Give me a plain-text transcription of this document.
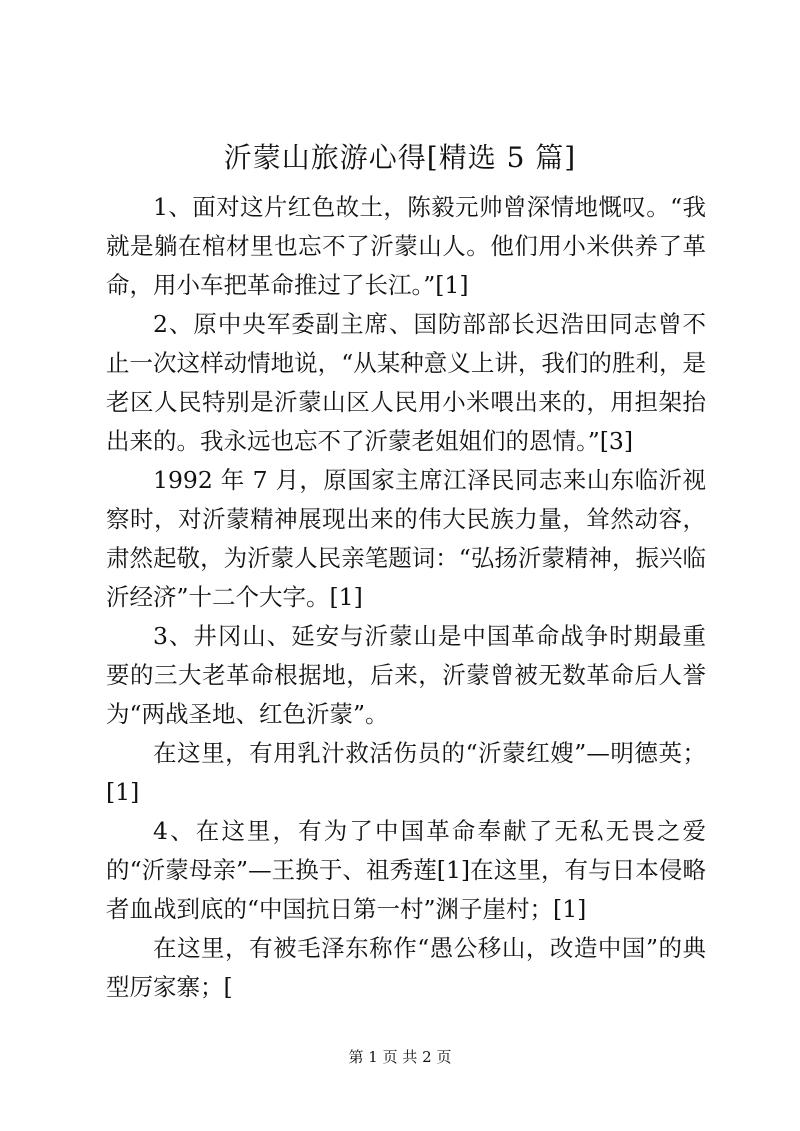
沂蒙山旅游心得[精选 5 篇]

1、面对这片红色故土，陈毅元帅曾深情地慨叹。“我就是躺在棺材里也忘不了沂蒙山人。他们用小米供养了革命，用小车把革命推过了长江。”[1]

2、原中央军委副主席、国防部部长迟浩田同志曾不止一次这样动情地说，“从某种意义上讲，我们的胜利，是老区人民特别是沂蒙山区人民用小米喂出来的，用担架抬出来的。我永远也忘不了沂蒙老姐姐们的恩情。”[3]

1992 年 7 月，原国家主席江泽民同志来山东临沂视察时，对沂蒙精神展现出来的伟大民族力量，耸然动容，肃然起敬，为沂蒙人民亲笔题词：“弘扬沂蒙精神，振兴临沂经济”十二个大字。[1]

3、井冈山、延安与沂蒙山是中国革命战争时期最重要的三大老革命根据地，后来，沂蒙曾被无数革命后人誉为“两战圣地、红色沂蒙”。

在这里，有用乳汁救活伤员的“沂蒙红嫂”—明德英；[1]

4、在这里，有为了中国革命奉献了无私无畏之爱的“沂蒙母亲”—王换于、祖秀莲[1]在这里，有与日本侵略者血战到底的“中国抗日第一村”渊子崖村；[1]

在这里，有被毛泽东称作“愚公移山，改造中国”的典型厉家寨；[

第 1 页 共 2 页
